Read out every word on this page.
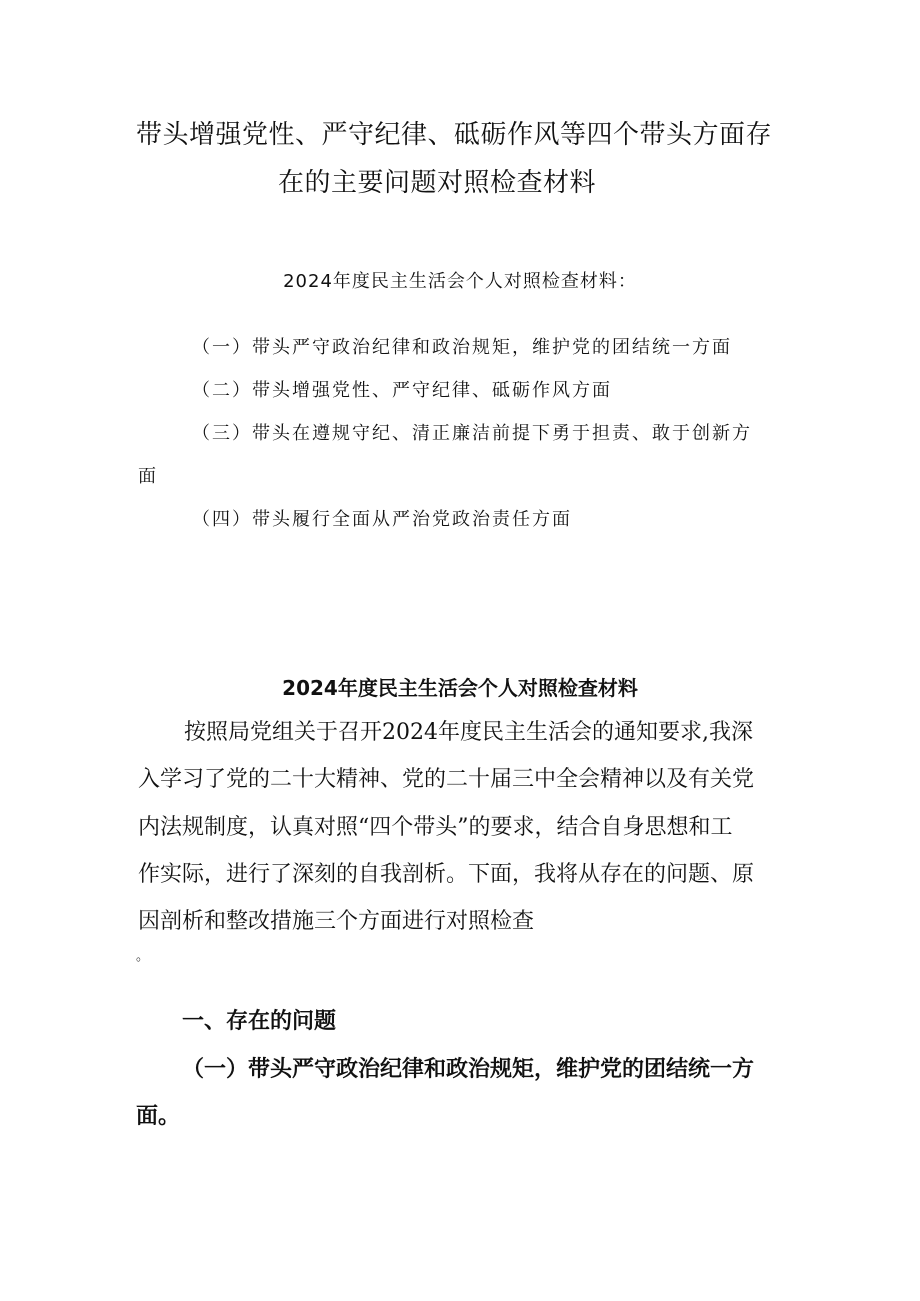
带头增强党性、严守纪律、砥砺作风等四个带头方面存
在的主要问题对照检查材料
2024年度民主生活会个人对照检查材料：
（一）带头严守政治纪律和政治规矩，维护党的团结统一方面
（二）带头增强党性、严守纪律、砥砺作风方面
（三）带头在遵规守纪、清正廉洁前提下勇于担责、敢于创新方
面
（四）带头履行全面从严治党政治责任方面
2024年度民主生活会个人对照检查材料
按照局党组关于召开2024年度民主生活会的通知要求,我深
入学习了党的二十大精神、党的二十届三中全会精神以及有关党
内法规制度，认真对照“四个带头”的要求，结合自身思想和工
作实际，进行了深刻的自我剖析。下面，我将从存在的问题、原
因剖析和整改措施三个方面进行对照检查
。
一、存在的问题
（一）带头严守政治纪律和政治规矩，维护党的团结统一方
面。
